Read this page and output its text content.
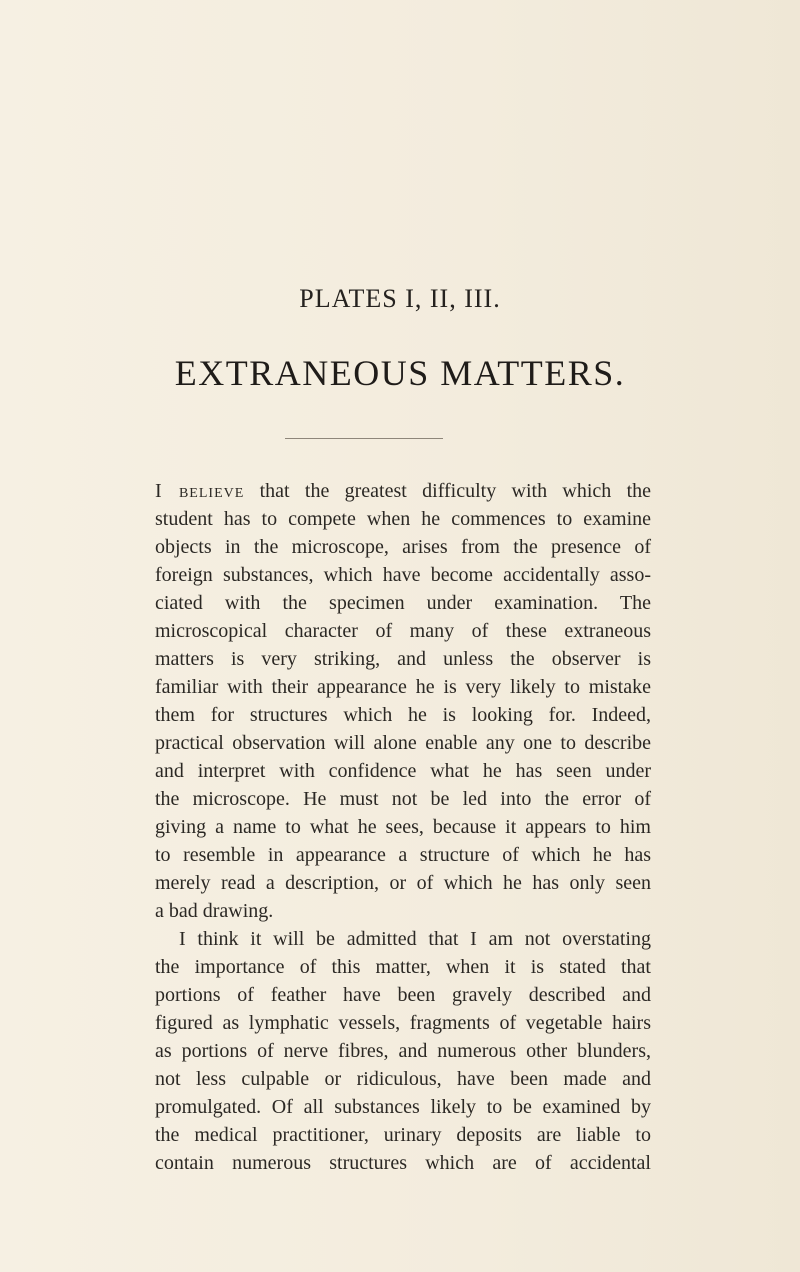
PLATES I, II, III.
EXTRANEOUS MATTERS.
I believe that the greatest difficulty with which the
student has to compete when he commences to examine
objects in the microscope, arises from the presence of
foreign substances, which have become accidentally asso-
ciated with the specimen under examination. The
microscopical character of many of these extraneous
matters is very striking, and unless the observer is
familiar with their appearance he is very likely to mistake
them for structures which he is looking for. Indeed,
practical observation will alone enable any one to describe
and interpret with confidence what he has seen under
the microscope. He must not be led into the error of
giving a name to what he sees, because it appears to him
to resemble in appearance a structure of which he has
merely read a description, or of which he has only seen
a bad drawing.
I think it will be admitted that I am not overstating
the importance of this matter, when it is stated that
portions of feather have been gravely described and
figured as lymphatic vessels, fragments of vegetable hairs
as portions of nerve fibres, and numerous other blunders,
not less culpable or ridiculous, have been made and
promulgated. Of all substances likely to be examined by
the medical practitioner, urinary deposits are liable to
contain numerous structures which are of accidental
